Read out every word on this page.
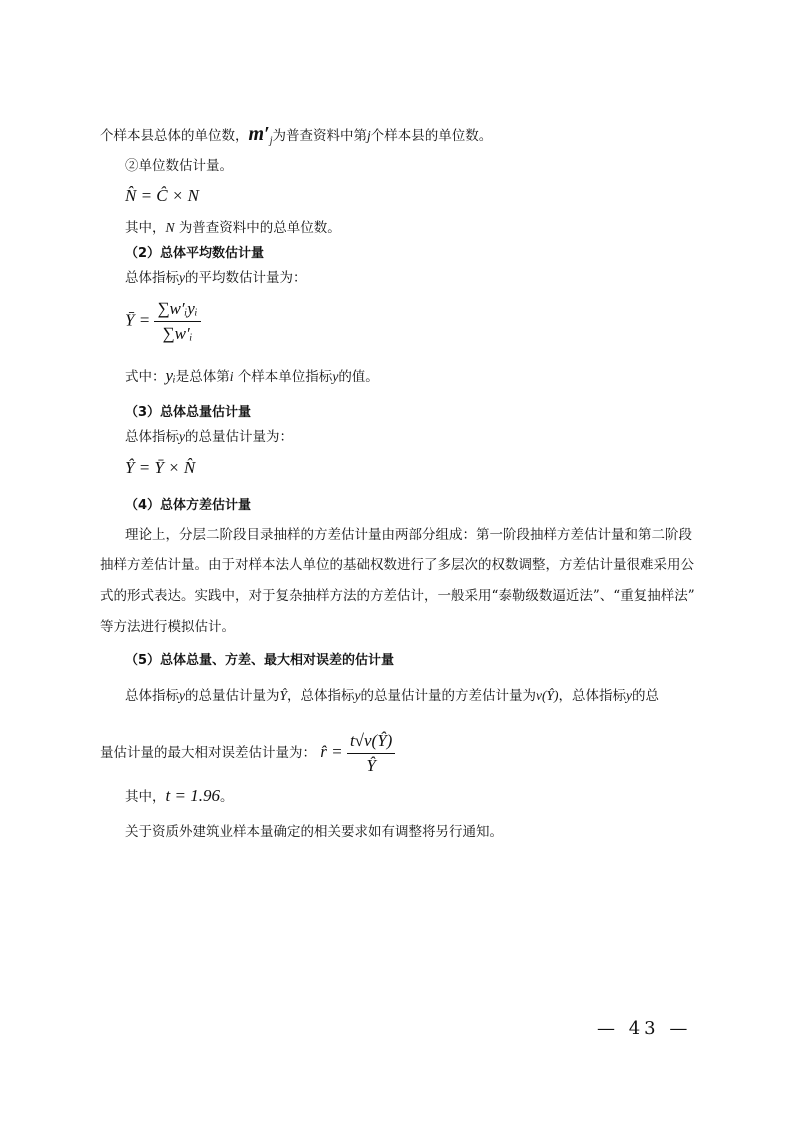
个样本县总体的单位数，$m'_j$为普查资料中第j个样本县的单位数。
②单位数估计量。
N̂ = Ĉ × N
其中，N 为普查资料中的总单位数。
（2）总体平均数估计量
总体指标y的平均数估计量为：
Ȳ = $\frac{\text{∑w′ᵢyᵢ}}{\text{∑w′ᵢ}}$
式中：yᵢ是总体第i 个样本单位指标y的值。
（3）总体总量估计量
总体指标y的总量估计量为：
Ŷ = Ȳ × N̂
（4）总体方差估计量
理论上，分层二阶段目录抽样的方差估计量由两部分组成：第一阶段抽样方差估计量和第二阶段
抽样方差估计量。由于对样本法人单位的基础权数进行了多层次的权数调整，方差估计量很难采用公
式的形式表达。实践中，对于复杂抽样方法的方差估计，一般采用“泰勒级数逼近法”、“重复抽样法”
等方法进行模拟估计。
（5）总体总量、方差、最大相对误差的估计量
总体指标y的总量估计量为Ŷ，总体指标y的总量估计量的方差估计量为v(Ŷ)，总体指标y的总
量估计量的最大相对误差估计量为： r̂ = $\frac{t√v(Ŷ)}{Ŷ}$
其中，t = 1.96。
关于资质外建筑业样本量确定的相关要求如有调整将另行通知。
— 43 —
